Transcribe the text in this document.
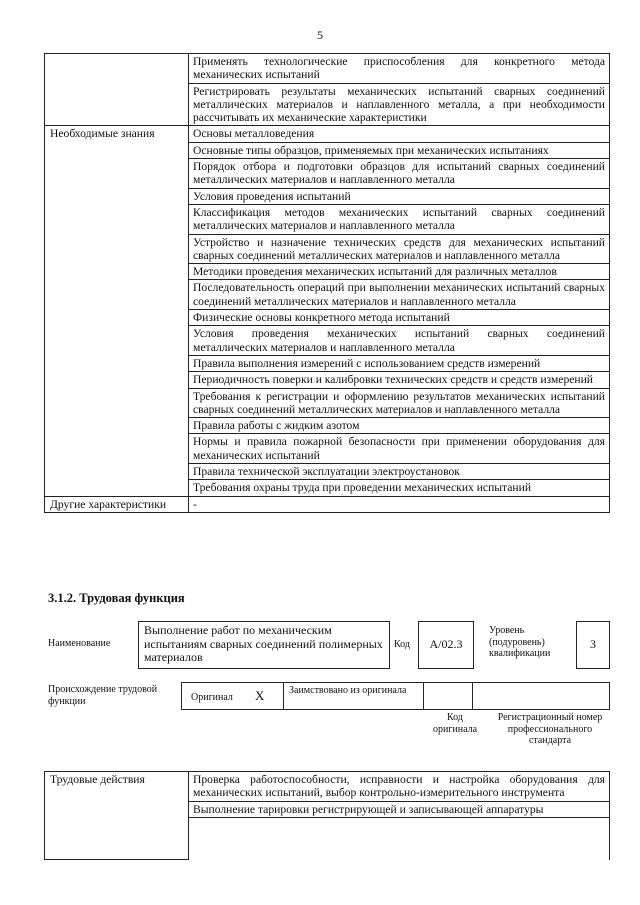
5
	Применять технологические приспособления для конкретного метода механических испытаний
	Регистрировать результаты механических испытаний сварных соединений металлических материалов и наплавленного металла, а при необходимости рассчитывать их механические характеристики
Необходимые знания	Основы металловедения
	Основные типы образцов, применяемых при механических испытаниях
	Порядок отбора и подготовки образцов для испытаний сварных соединений металлических материалов и наплавленного металла
	Условия проведения испытаний
	Классификация методов механических испытаний сварных соединений металлических материалов и наплавленного металла
	Устройство и назначение технических средств для механических испытаний сварных соединений металлических материалов и наплавленного металла
	Методики проведения механических испытаний для различных металлов
	Последовательность операций при выполнении механических испытаний сварных соединений металлических материалов и наплавленного металла
	Физические основы конкретного метода испытаний
	Условия проведения механических испытаний сварных соединений металлических материалов и наплавленного металла
	Правила выполнения измерений с использованием средств измерений
	Периодичность поверки и калибровки технических средств и средств измерений
	Требования к регистрации и оформлению результатов механических испытаний сварных соединений металлических материалов и наплавленного металла
	Правила работы с жидким азотом
	Нормы и правила пожарной безопасности при применении оборудования для механических испытаний
	Правила технической эксплуатации электроустановок
	Требования охраны труда при проведении механических испытаний
Другие характеристики	-
3.1.2. Трудовая функция
Наименование
Выполнение работ по механическим испытаниям сварных соединений полимерных материалов
Код	А/02.3
Уровень (подуровень) квалификации
3
Происхождение трудовой функции	Оригинал X Заимствовано из оригинала
Код оригинала
Регистрационный номер профессионального стандарта
Трудовые действия	Проверка работоспособности, исправности и настройка оборудования для механических испытаний, выбор контрольно-измерительного инструмента
Выполнение тарировки регистрирующей и записывающей аппаратуры
